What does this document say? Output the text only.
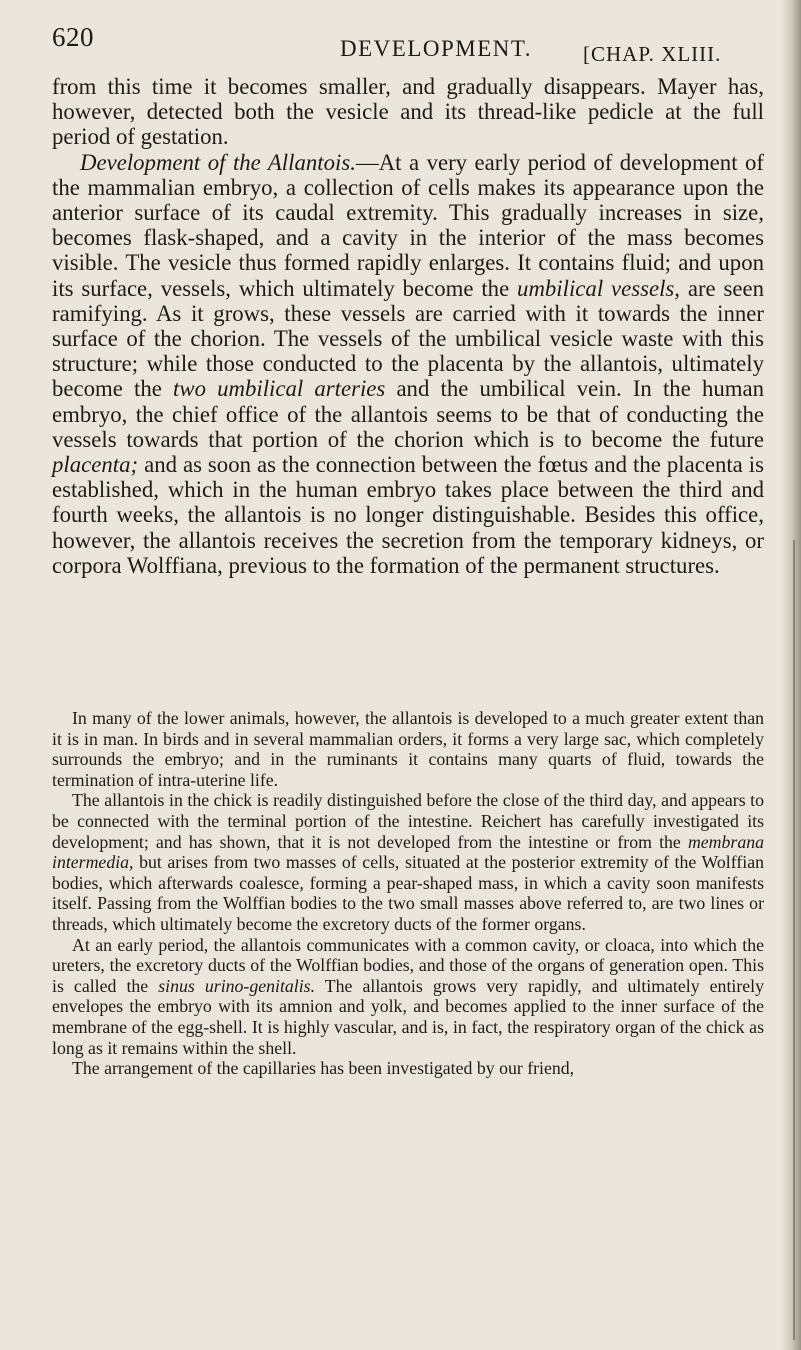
620	DEVELOPMENT. [CHAP. XLIII.

from this time it becomes smaller, and gradually disappears. Mayer has, however, detected both the vesicle and its thread-like pedicle at the full period of gestation.

Development of the Allantois.—At a very early period of development of the mammalian embryo, a collection of cells makes its appearance upon the anterior surface of its caudal extremity. This gradually increases in size, becomes flask-shaped, and a cavity in the interior of the mass becomes visible. The vesicle thus formed rapidly enlarges. It contains fluid; and upon its surface, vessels, which ultimately become the umbilical vessels, are seen ramifying. As it grows, these vessels are carried with it towards the inner surface of the chorion. The vessels of the umbilical vesicle waste with this structure; while those conducted to the placenta by the allantois, ultimately become the two umbilical arteries and the umbilical vein. In the human embryo, the chief office of the allantois seems to be that of conducting the vessels towards that portion of the chorion which is to become the future placenta; and as soon as the connection between the fœtus and the placenta is established, which in the human embryo takes place between the third and fourth weeks, the allantois is no longer distinguishable. Besides this office, however, the allantois receives the secretion from the temporary kidneys, or corpora Wolffiana, previous to the formation of the permanent structures.

In many of the lower animals, however, the allantois is developed to a much greater extent than it is in man. In birds and in several mammalian orders, it forms a very large sac, which completely surrounds the embryo; and in the ruminants it contains many quarts of fluid, towards the termination of intra-uterine life.

The allantois in the chick is readily distinguished before the close of the third day, and appears to be connected with the terminal portion of the intestine. Reichert has carefully investigated its development; and has shown, that it is not developed from the intestine or from the membrana intermedia, but arises from two masses of cells, situated at the posterior extremity of the Wolffian bodies, which afterwards coalesce, forming a pear-shaped mass, in which a cavity soon manifests itself. Passing from the Wolffian bodies to the two small masses above referred to, are two lines or threads, which ultimately become the excretory ducts of the former organs.

At an early period, the allantois communicates with a common cavity, or cloaca, into which the ureters, the excretory ducts of the Wolffian bodies, and those of the organs of generation open. This is called the sinus urino-genitalis. The allantois grows very rapidly, and ultimately entirely envelopes the embryo with its amnion and yolk, and becomes applied to the inner surface of the membrane of the egg-shell. It is highly vascular, and is, in fact, the respiratory organ of the chick as long as it remains within the shell.

The arrangement of the capillaries has been investigated by our friend,
